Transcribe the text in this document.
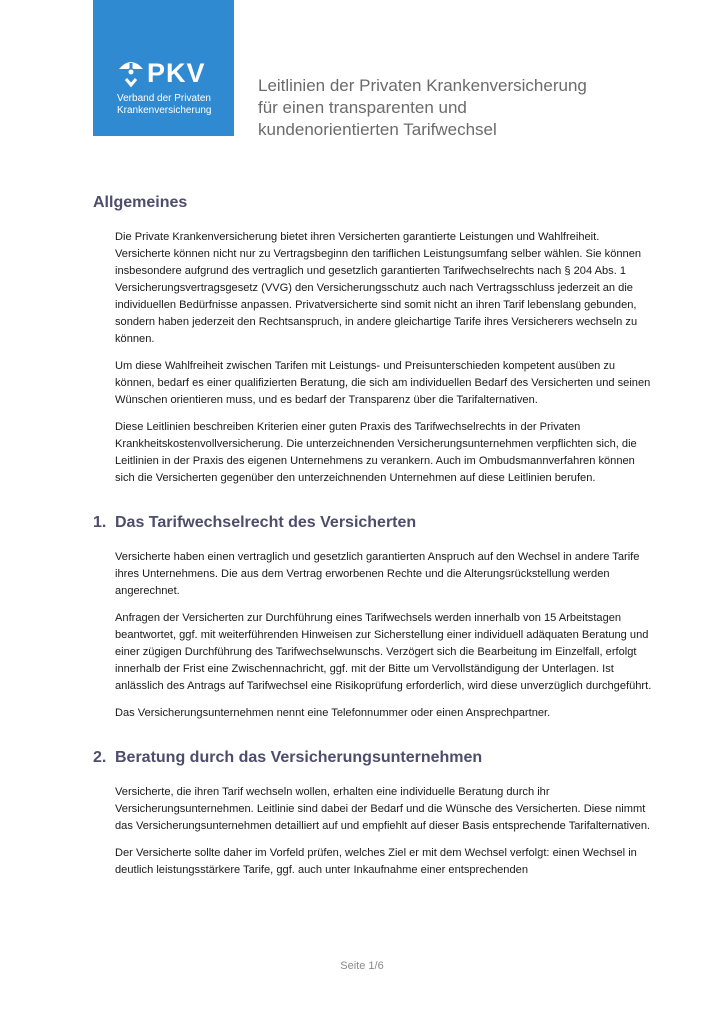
PKV
Verband der Privaten
Krankenversicherung
Leitlinien der Privaten Krankenversicherung
für einen transparenten und
kundenorientierten Tarifwechsel
Allgemeines

Die Private Krankenversicherung bietet ihren Versicherten garantierte Leistungen und Wahlfreiheit. Versicherte können nicht nur zu Vertragsbeginn den tariflichen Leistungsumfang selber wählen. Sie können insbesondere aufgrund des vertraglich und gesetzlich garantierten Tarifwechselrechts nach § 204 Abs. 1 Versicherungsvertragsgesetz (VVG) den Versicherungsschutz auch nach Vertragsschluss jederzeit an die individuellen Bedürfnisse anpassen. Privatversicherte sind somit nicht an ihren Tarif lebenslang gebunden, sondern haben jederzeit den Rechtsanspruch, in andere gleichartige Tarife ihres Versicherers wechseln zu können.

Um diese Wahlfreiheit zwischen Tarifen mit Leistungs- und Preisunterschieden kompetent ausüben zu können, bedarf es einer qualifizierten Beratung, die sich am individuellen Bedarf des Versicherten und seinen Wünschen orientieren muss, und es bedarf der Transparenz über die Tarifalternativen.

Diese Leitlinien beschreiben Kriterien einer guten Praxis des Tarifwechselrechts in der Privaten Krankheitskostenvollversicherung. Die unterzeichnenden Versicherungsunternehmen verpflichten sich, die Leitlinien in der Praxis des eigenen Unternehmens zu verankern. Auch im Ombudsmannverfahren können sich die Versicherten gegenüber den unterzeichnenden Unternehmen auf diese Leitlinien berufen.

1. Das Tarifwechselrecht des Versicherten

Versicherte haben einen vertraglich und gesetzlich garantierten Anspruch auf den Wechsel in andere Tarife ihres Unternehmens. Die aus dem Vertrag erworbenen Rechte und die Alterungsrückstellung werden angerechnet.

Anfragen der Versicherten zur Durchführung eines Tarifwechsels werden innerhalb von 15 Arbeitstagen beantwortet, ggf. mit weiterführenden Hinweisen zur Sicherstellung einer individuell adäquaten Beratung und einer zügigen Durchführung des Tarifwechselwunschs. Verzögert sich die Bearbeitung im Einzelfall, erfolgt innerhalb der Frist eine Zwischennachricht, ggf. mit der Bitte um Vervollständigung der Unterlagen. Ist anlässlich des Antrags auf Tarifwechsel eine Risikoprüfung erforderlich, wird diese unverzüglich durchgeführt.

Das Versicherungsunternehmen nennt eine Telefonnummer oder einen Ansprechpartner.

2. Beratung durch das Versicherungsunternehmen

Versicherte, die ihren Tarif wechseln wollen, erhalten eine individuelle Beratung durch ihr Versicherungsunternehmen. Leitlinie sind dabei der Bedarf und die Wünsche des Versicherten. Diese nimmt das Versicherungsunternehmen detailliert auf und empfiehlt auf dieser Basis entsprechende Tarifalternativen.

Der Versicherte sollte daher im Vorfeld prüfen, welches Ziel er mit dem Wechsel verfolgt: einen Wechsel in deutlich leistungsstärkere Tarife, ggf. auch unter Inkaufnahme einer entsprechenden

Seite 1/6
